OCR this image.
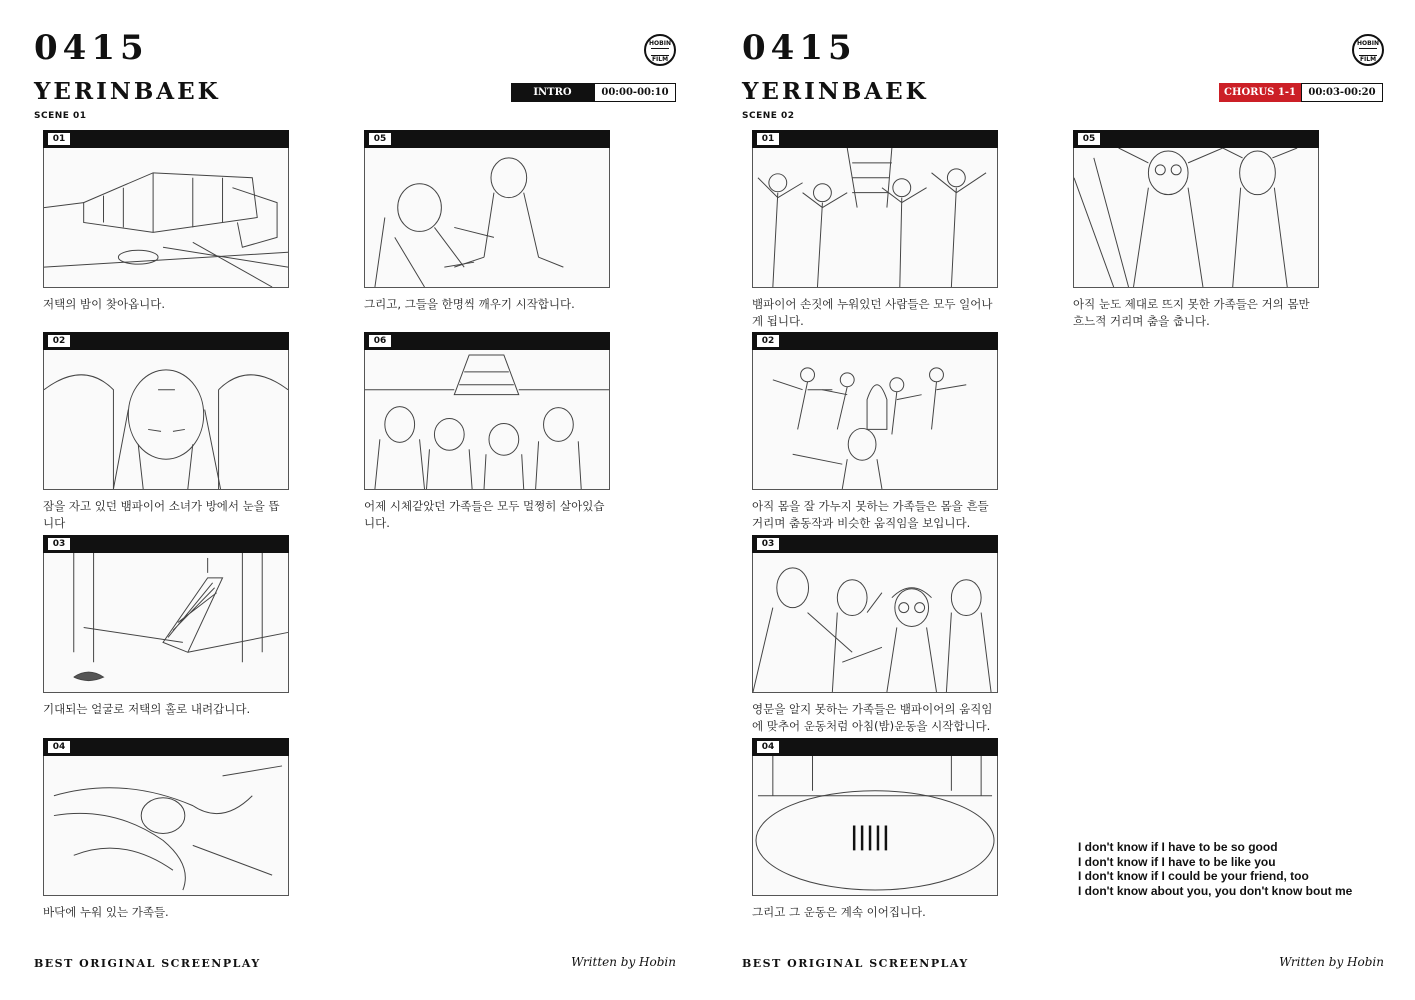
0415	HOBIN
FILM
YERINBAEK	INTRO	00:00-00:10
SCENE 01
01
저택의 밤이 찾아옵니다.
02
잠을 자고 있던 뱀파이어 소녀가 방에서 눈을 뜹니다
03
기대되는 얼굴로 저택의 홀로 내려갑니다.
04
바닥에 누워 있는 가족들.
05
그리고, 그들을 한명씩 깨우기 시작합니다.
06
어제 시체같았던 가족들은 모두 멀쩡히 살아있습니다.
BEST ORIGINAL SCREENPLAY	Written by Hobin
0415	HOBIN
FILM
YERINBAEK	CHORUS 1-1	00:03-00:20
SCENE 02
01
뱀파이어 손짓에 누워있던 사람들은 모두 일어나게 됩니다.
02
아직 몸을 잘 가누지 못하는 가족들은 몸을 흔들거리며 춤동작과 비슷한 움직임을 보입니다.
03
영문을 알지 못하는 가족들은 뱀파이어의 움직임에 맞추어 운동처럼 아침(밤)운동을 시작합니다.
04
그리고 그 운동은 계속 이어집니다.
05
아직 눈도 제대로 뜨지 못한 가족들은 거의 몸만 흐느적 거리며 춤을 춥니다.
I don't know if I have to be so good
I don't know if I have to be like you
I don't know if I could be your friend, too
I don't know about you, you don't know bout me
BEST ORIGINAL SCREENPLAY	Written by Hobin
